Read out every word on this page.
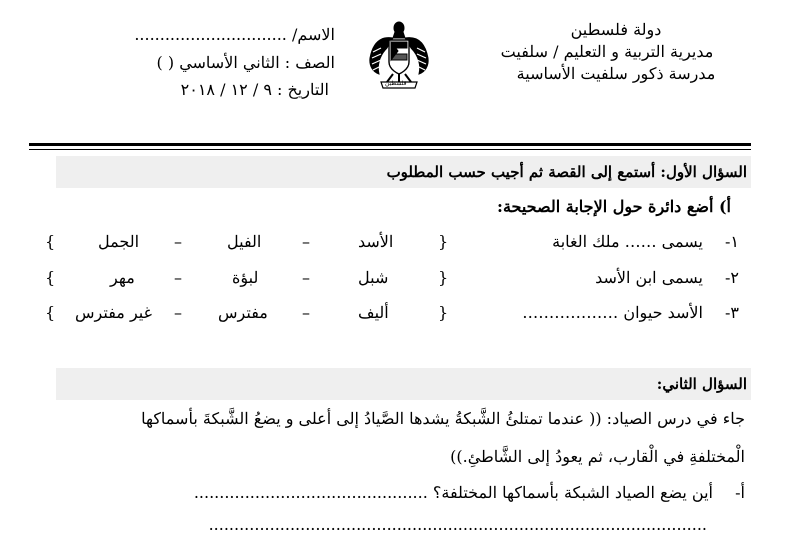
دولة فلسطين
مديرية التربية و التعليم / سلفيت
مدرسة ذكور سلفيت الأساسية
فلسطين
الاسم/ ..............................
الصف : الثاني الأساسي ( )
التاريخ : ٩ / ١٢ / ٢٠١٨
السؤال الأول: أستمع إلى القصة ثم أجيب حسب المطلوب
أ) أضع دائرة حول الإجابة الصحيحة:
١-
يسمى …… ملك الغابة
{
الأسد
–
الفيل
–
الجمل
}
٢-
يسمى ابن الأسد
{
شبل
–
لبؤة
–
مهر
}
٣-
الأسد حيوان ………………
{
أليف
–
مفترس
–
غير مفترس
}
السؤال الثاني:
جاء في درس الصياد: (( عندما تمتلئُ الشَّبكةُ يشدها الصَّيادُ إلى أعلى و يضعُ الشَّبكةَ بأسماكها
الْمختلفةِ في الْقارب، ثم يعودُ إلى الشَّاطئِ.))
أ-
أين يضع الصياد الشبكة بأسماكها المختلفة؟ ..............................................
..................................................................................................
